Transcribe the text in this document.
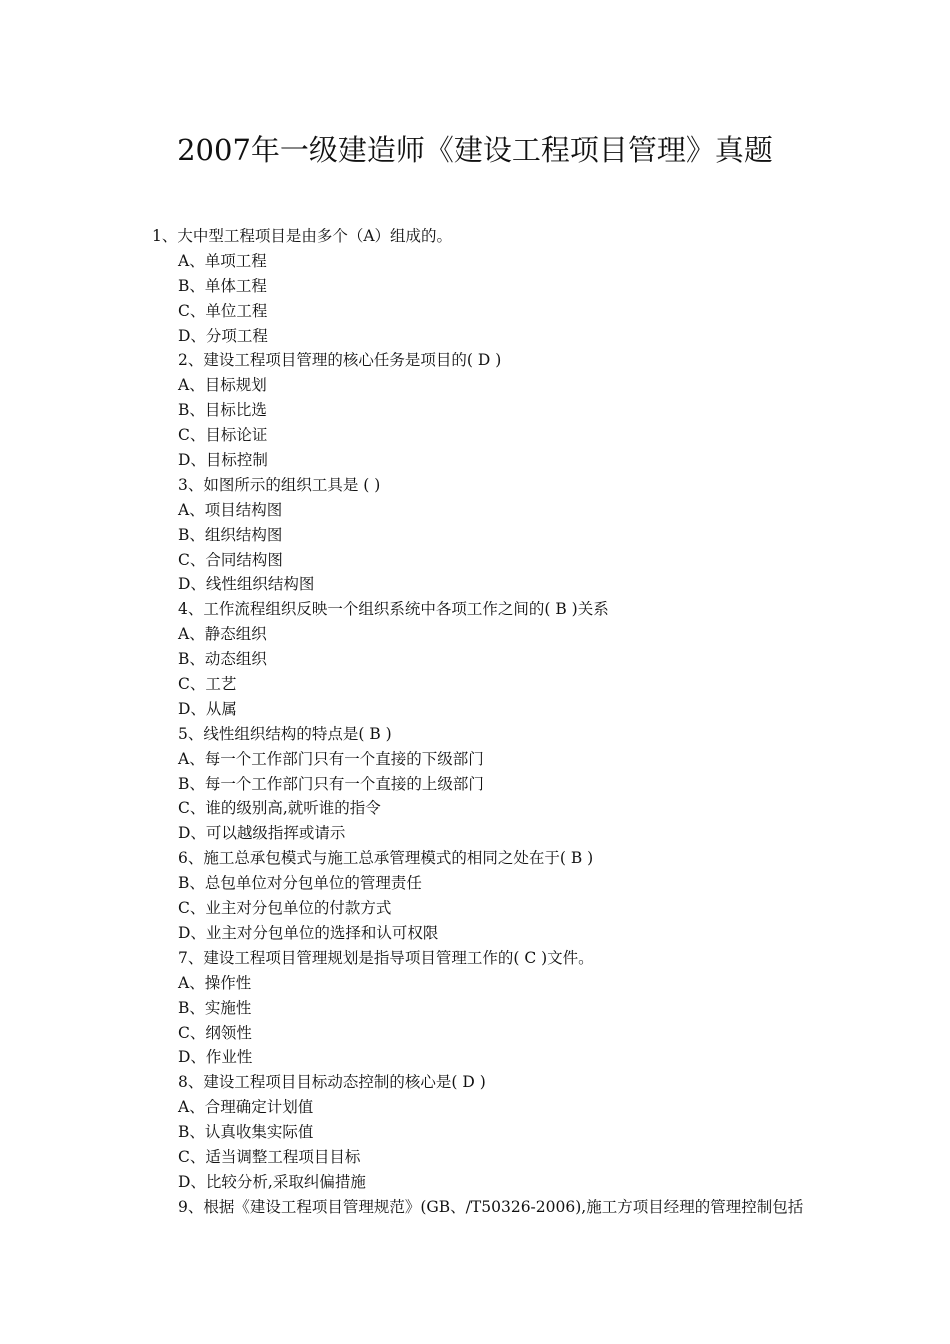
2007年一级建造师《建设工程项目管理》真题
1、大中型工程项目是由多个（A）组成的。
A、单项工程
B、单体工程
C、单位工程
D、分项工程
2、建设工程项目管理的核心任务是项目的( D )
A、目标规划
B、目标比选
C、目标论证
D、目标控制
3、如图所示的组织工具是 ( )
A、项目结构图
B、组织结构图
C、合同结构图
D、线性组织结构图
4、工作流程组织反映一个组织系统中各项工作之间的( B )关系
A、静态组织
B、动态组织
C、工艺
D、从属
5、线性组织结构的特点是( B )
A、每一个工作部门只有一个直接的下级部门
B、每一个工作部门只有一个直接的上级部门
C、谁的级别高,就听谁的指令
D、可以越级指挥或请示
6、施工总承包模式与施工总承管理模式的相同之处在于( B )
B、总包单位对分包单位的管理责任
C、业主对分包单位的付款方式
D、业主对分包单位的选择和认可权限
7、建设工程项目管理规划是指导项目管理工作的( C )文件。
A、操作性
B、实施性
C、纲领性
D、作业性
8、建设工程项目目标动态控制的核心是( D )
A、合理确定计划值
B、认真收集实际值
C、适当调整工程项目目标
D、比较分析,采取纠偏措施
9、根据《建设工程项目管理规范》(GB、/T50326-2006),施工方项目经理的管理控制包括
